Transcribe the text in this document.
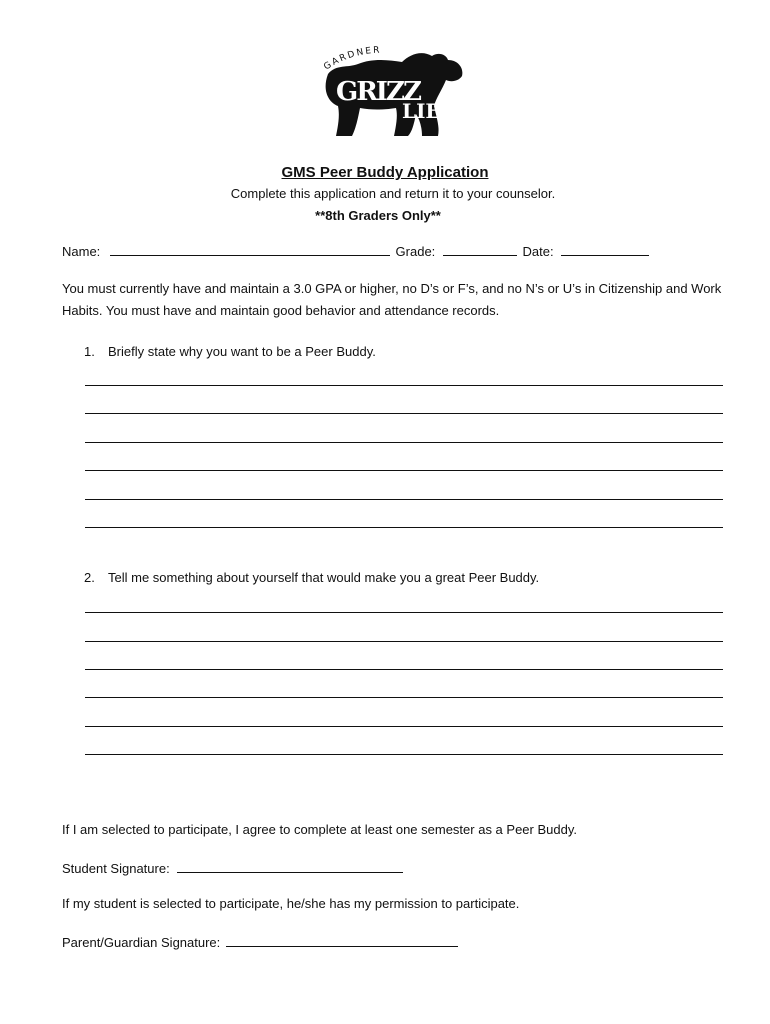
GRIZZ
LIES
GARDNER
GMS Peer Buddy Application
Complete this application and return it to your counselor.
**8th Graders Only**
Name:	Grade:	Date:
You must currently have and maintain a 3.0 GPA or higher, no D’s or F’s, and no N’s or U’s in Citizenship and Work Habits. You must have and maintain good behavior and attendance records.
1. Briefly state why you want to be a Peer Buddy.
2. Tell me something about yourself that would make you a great Peer Buddy.
If I am selected to participate, I agree to complete at least one semester as a Peer Buddy.
Student Signature:
If my student is selected to participate, he/she has my permission to participate.
Parent/Guardian Signature:
